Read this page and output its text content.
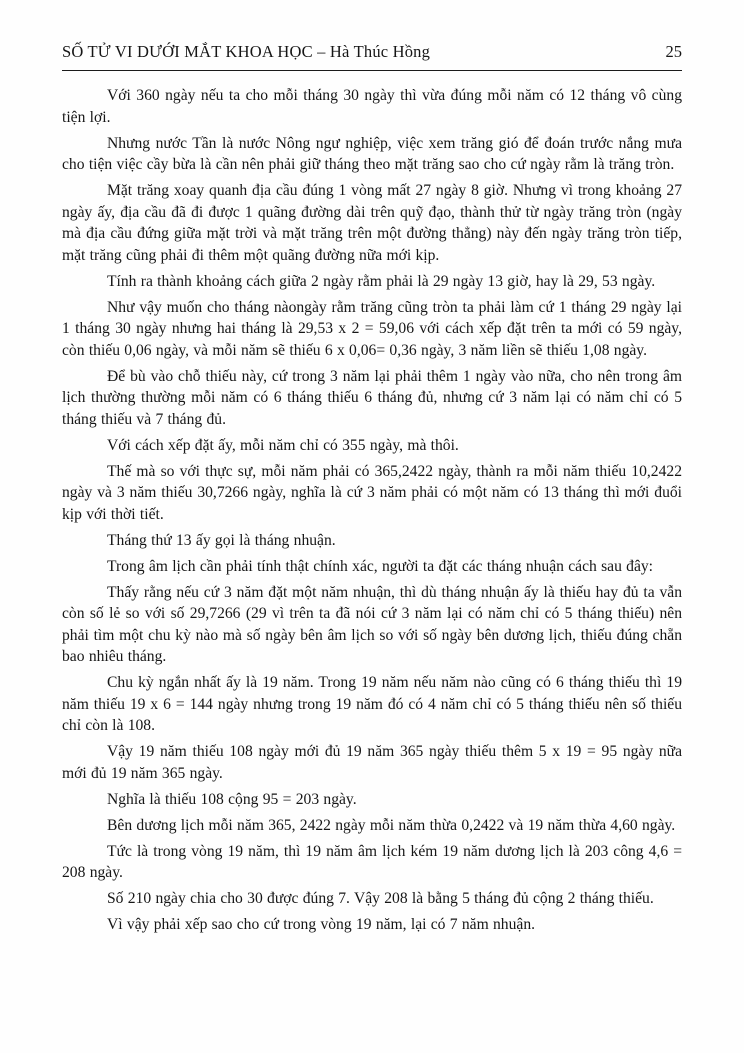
SỐ TỬ VI DƯỚI MẮT KHOA HỌC – Hà Thúc Hồng	25

Với 360 ngày nếu ta cho mỗi tháng 30 ngày thì vừa đúng mỗi năm có 12 tháng vô cùng tiện lợi.

Nhưng nước Tần là nước Nông ngư nghiệp, việc xem trăng gió để đoán trước nắng mưa cho tiện việc cầy bừa là cần nên phải giữ tháng theo mặt trăng sao cho cứ ngày rằm là trăng tròn.

Mặt trăng xoay quanh địa cầu đúng 1 vòng mất 27 ngày 8 giờ. Nhưng vì trong khoảng 27 ngày ấy, địa cầu đã đi được 1 quãng đường dài trên quỹ đạo, thành thử từ ngày trăng tròn (ngày mà địa cầu đứng giữa mặt trời và mặt trăng trên một đường thẳng) này đến ngày trăng tròn tiếp, mặt trăng cũng phải đi thêm một quãng đường nữa mới kịp.

Tính ra thành khoảng cách giữa 2 ngày rằm phải là 29 ngày 13 giờ, hay là 29, 53 ngày.

Như vậy muốn cho tháng nàongày rằm trăng cũng tròn ta phải làm cứ 1 tháng 29 ngày lại 1 tháng 30 ngày nhưng hai tháng là 29,53 x 2 = 59,06 với cách xếp đặt trên ta mới có 59 ngày, còn thiếu 0,06 ngày, và mỗi năm sẽ thiếu 6 x 0,06= 0,36 ngày, 3 năm liền sẽ thiếu 1,08 ngày.

Để bù vào chỗ thiếu này, cứ trong 3 năm lại phải thêm 1 ngày vào nữa, cho nên trong âm lịch thường thường mỗi năm có 6 tháng thiếu 6 tháng đủ, nhưng cứ 3 năm lại có năm chỉ có 5 tháng thiếu và 7 tháng đủ.

Với cách xếp đặt ấy, mỗi năm chỉ có 355 ngày, mà thôi.

Thế mà so với thực sự, mỗi năm phải có 365,2422 ngày, thành ra mỗi năm thiếu 10,2422 ngày và 3 năm thiếu 30,7266 ngày, nghĩa là cứ 3 năm phải có một năm có 13 tháng thì mới đuổi kịp với thời tiết.

Tháng thứ 13 ấy gọi là tháng nhuận.

Trong âm lịch cần phải tính thật chính xác, người ta đặt các tháng nhuận cách sau đây:

Thấy rằng nếu cứ 3 năm đặt một năm nhuận, thì dù tháng nhuận ấy là thiếu hay đủ ta vẫn còn số lẻ so với số 29,7266 (29 vì trên ta đã nói cứ 3 năm lại có năm chỉ có 5 tháng thiếu) nên phải tìm một chu kỳ nào mà số ngày bên âm lịch so với số ngày bên dương lịch, thiếu đúng chẵn bao nhiêu tháng.

Chu kỳ ngắn nhất ấy là 19 năm. Trong 19 năm nếu năm nào cũng có 6 tháng thiếu thì 19 năm thiếu 19 x 6 = 144 ngày nhưng trong 19 năm đó có 4 năm chỉ có 5 tháng thiếu nên số thiếu chỉ còn là 108.

Vậy 19 năm thiếu 108 ngày mới đủ 19 năm 365 ngày thiếu thêm 5 x 19 = 95 ngày nữa mới đủ 19 năm 365 ngày.

Nghĩa là thiếu 108 cộng 95 = 203 ngày.

Bên dương lịch mỗi năm 365, 2422 ngày mỗi năm thừa 0,2422 và 19 năm thừa 4,60 ngày.

Tức là trong vòng 19 năm, thì 19 năm âm lịch kém 19 năm dương lịch là 203 công 4,6 = 208 ngày.

Số 210 ngày chia cho 30 được đúng 7. Vậy 208 là bằng 5 tháng đủ cộng 2 tháng thiếu.

Vì vậy phải xếp sao cho cứ trong vòng 19 năm, lại có 7 năm nhuận.
